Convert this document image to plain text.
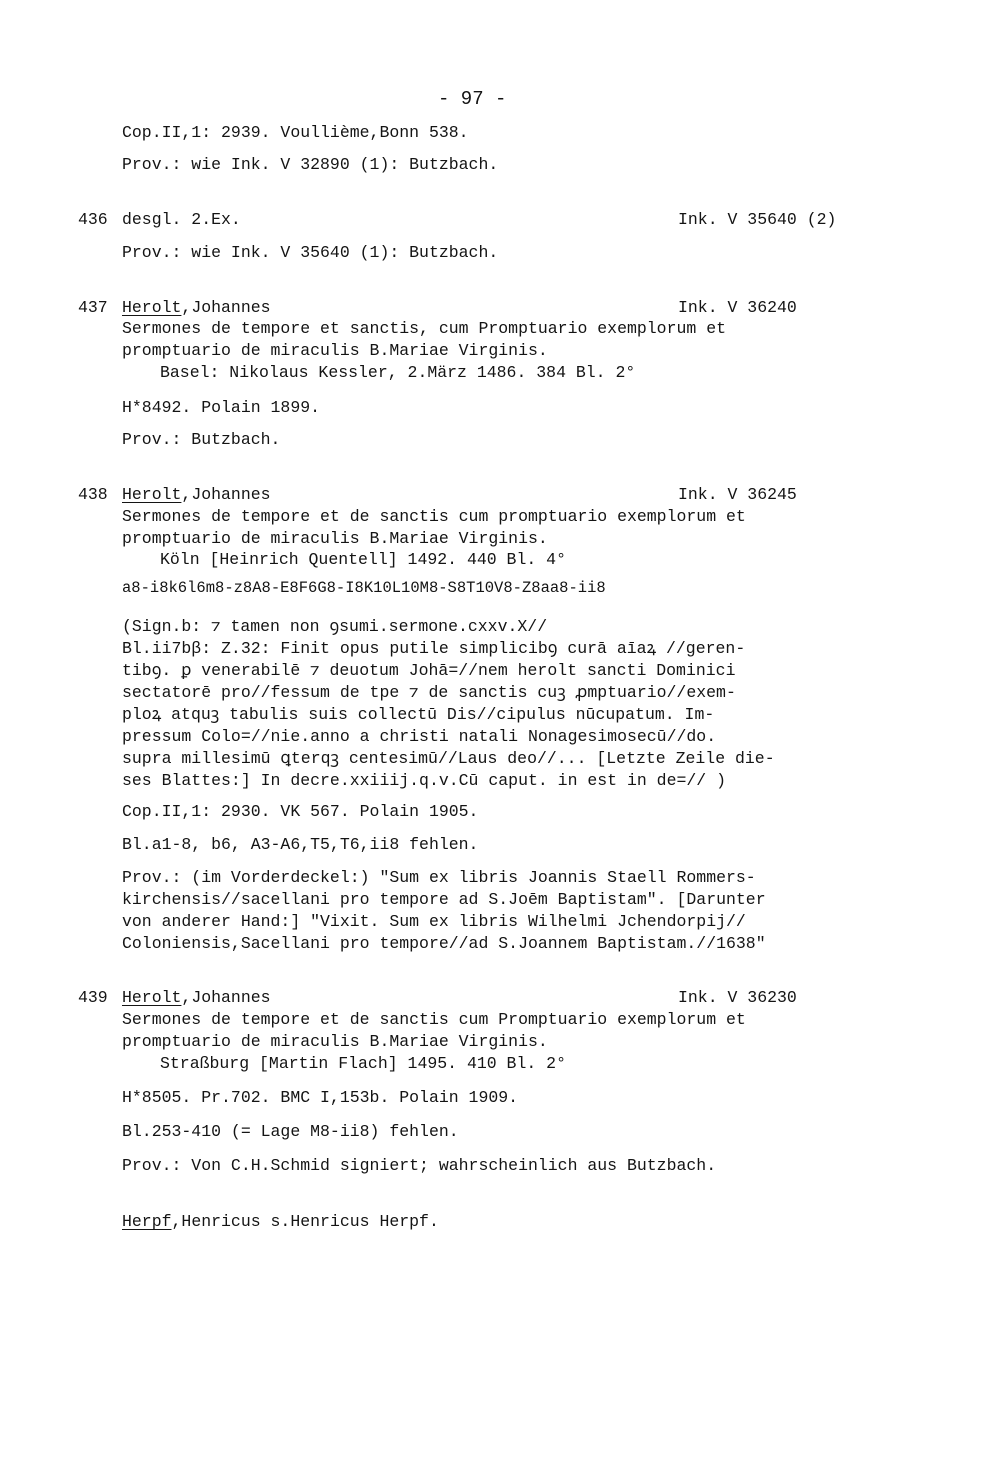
- 97 -
Cop.II,1: 2939. Voullième,Bonn 538.
Prov.: wie Ink. V 32890 (1): Butzbach.
436 desgl. 2.Ex.	Ink. V 35640 (2)
Prov.: wie Ink. V 35640 (1): Butzbach.
437 Herolt,Johannes	Ink. V 36240
Sermones de tempore et sanctis, cum Promptuario exemplorum et
promptuario de miraculis B.Mariae Virginis.
Basel: Nikolaus Kessler, 2.März 1486. 384 Bl. 2°
H*8492. Polain 1899.
Prov.: Butzbach.
438 Herolt,Johannes	Ink. V 36245
Sermones de tempore et de sanctis cum promptuario exemplorum et
promptuario de miraculis B.Mariae Virginis.
Köln [Heinrich Quentell] 1492. 440 Bl. 4°
a8-i8k6l6m8-z8A8-E8F6G8-I8K10L10M8-S8T10V8-Z8aa8-ii8
(Sign.b: ⁊ tamen non ꝯsumi.sermone.cxxv.X//
Bl.ii7bβ: Z.32: Finit opus putile simplicibꝯ curā aīaꝝ //geren-
tibꝯ. ꝑ venerabilē ⁊ deuotum Johā=//nem herolt sancti Dominici
sectatorē pro//fessum de tpe ⁊ de sanctis cuꝫ ꝓmptuario//exem-
ploꝝ atquꝫ tabulis suis collectū Dis//cipulus nūcupatum. Im-
pressum Colo=//nie.anno a christi natali Nonagesimosecū//do.
supra millesimū ꝗterqꝫ centesimū//Laus deo//... [Letzte Zeile die-
ses Blattes:] In decre.xxiiij.q.v.Cū caput. in est in de=// )
Cop.II,1: 2930. VK 567. Polain 1905.
Bl.a1-8, b6, A3-A6,T5,T6,ii8 fehlen.
Prov.: (im Vorderdeckel:) "Sum ex libris Joannis Staell Rommers-
kirchensis//sacellani pro tempore ad S.Joēm Baptistam". [Darunter
von anderer Hand:] "Vixit. Sum ex libris Wilhelmi Jchendorpij//
Coloniensis,Sacellani pro tempore//ad S.Joannem Baptistam.//1638"
439 Herolt,Johannes	Ink. V 36230
Sermones de tempore et de sanctis cum Promptuario exemplorum et
promptuario de miraculis B.Mariae Virginis.
Straßburg [Martin Flach] 1495. 410 Bl. 2°
H*8505. Pr.702. BMC I,153b. Polain 1909.
Bl.253-410 (= Lage M8-ii8) fehlen.
Prov.: Von C.H.Schmid signiert; wahrscheinlich aus Butzbach.
Herpf,Henricus s.Henricus Herpf.
